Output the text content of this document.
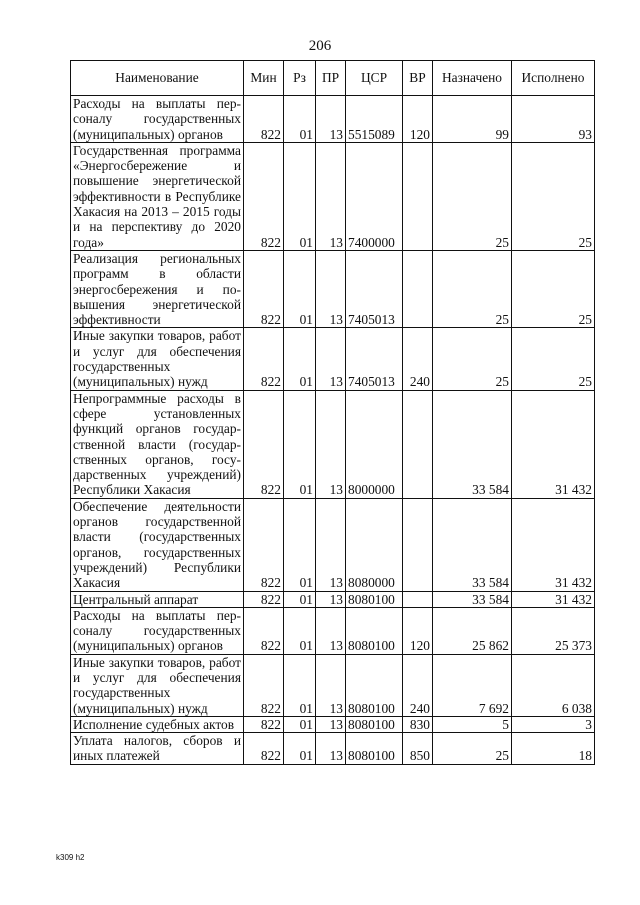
206
Наименование	Мин	Рз	ПР	ЦСР	ВР	Назначено	Исполнено
Расходы на выплаты персоналу государственных (муниципальных) органов	822	01	13	5515089	120	99	93
Государственная программа «Энергосбережение и повышение энергетической эффективности в Республике Хакасия на 2013 – 2015 годы и на перспективу до 2020 года»	822	01	13	7400000		25	25
Реализация региональных программ в области энергосбережения и повышения энергетической эффективности	822	01	13	7405013		25	25
Иные закупки товаров, работ и услуг для обеспечения государственных (муниципальных) нужд	822	01	13	7405013	240	25	25
Непрограммные расходы в сфере установленных функций органов государственной власти (государственных органов, государственных учреждений) Республики Хакасия	822	01	13	8000000		33 584	31 432
Обеспечение деятельности органов государственной власти (государственных органов, государственных учреждений) Республики Хакасия	822	01	13	8080000		33 584	31 432
Центральный аппарат	822	01	13	8080100		33 584	31 432
Расходы на выплаты персоналу государственных (муниципальных) органов	822	01	13	8080100	120	25 862	25 373
Иные закупки товаров, работ и услуг для обеспечения государственных (муниципальных) нужд	822	01	13	8080100	240	7 692	6 038
Исполнение судебных актов	822	01	13	8080100	830	5	3
Уплата налогов, сборов и иных платежей	822	01	13	8080100	850	25	18
k309 h2
